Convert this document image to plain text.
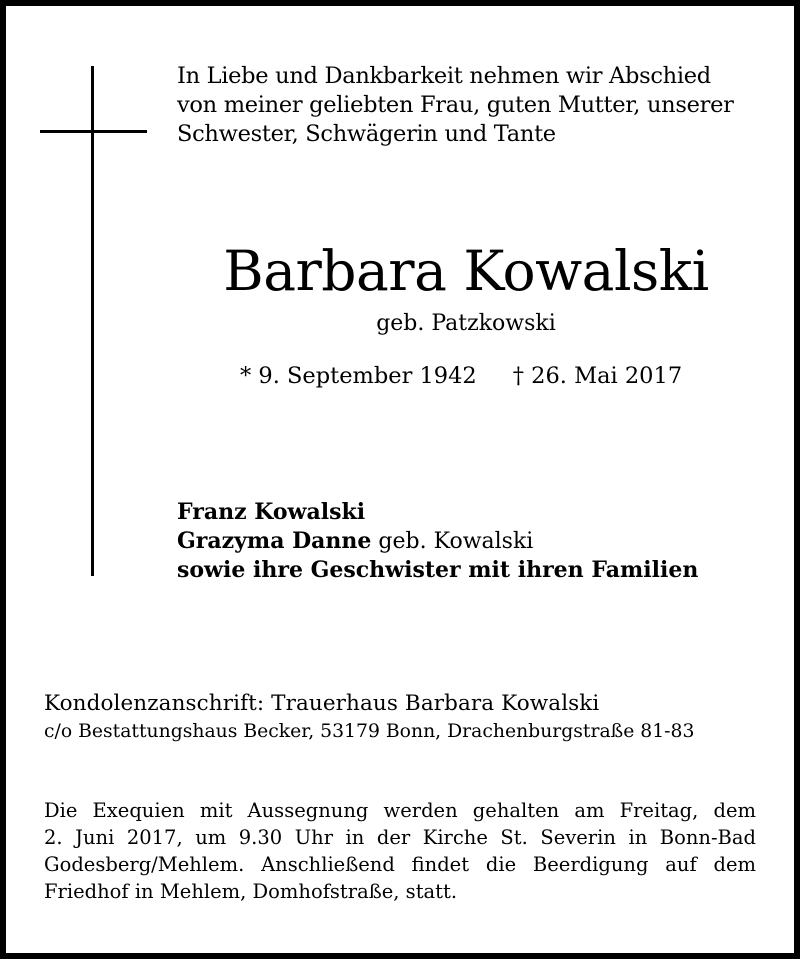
In Liebe und Dankbarkeit nehmen wir Abschied
von meiner geliebten Frau, guten Mutter, unserer
Schwester, Schwägerin und Tante
Barbara Kowalski
geb. Patzkowski
* 9. September 1942 † 26. Mai 2017
Franz Kowalski
Grazyma Danne geb. Kowalski
sowie ihre Geschwister mit ihren Familien
Kondolenzanschrift: Trauerhaus Barbara Kowalski
c/o Bestattungshaus Becker, 53179 Bonn, Drachenburgstraße 81-83
Die Exequien mit Aussegnung werden gehalten am Freitag, dem
2. Juni 2017, um 9.30 Uhr in der Kirche St. Severin in Bonn-Bad
Godesberg/Mehlem. Anschließend findet die Beerdigung auf dem
Friedhof in Mehlem, Domhofstraße, statt.
